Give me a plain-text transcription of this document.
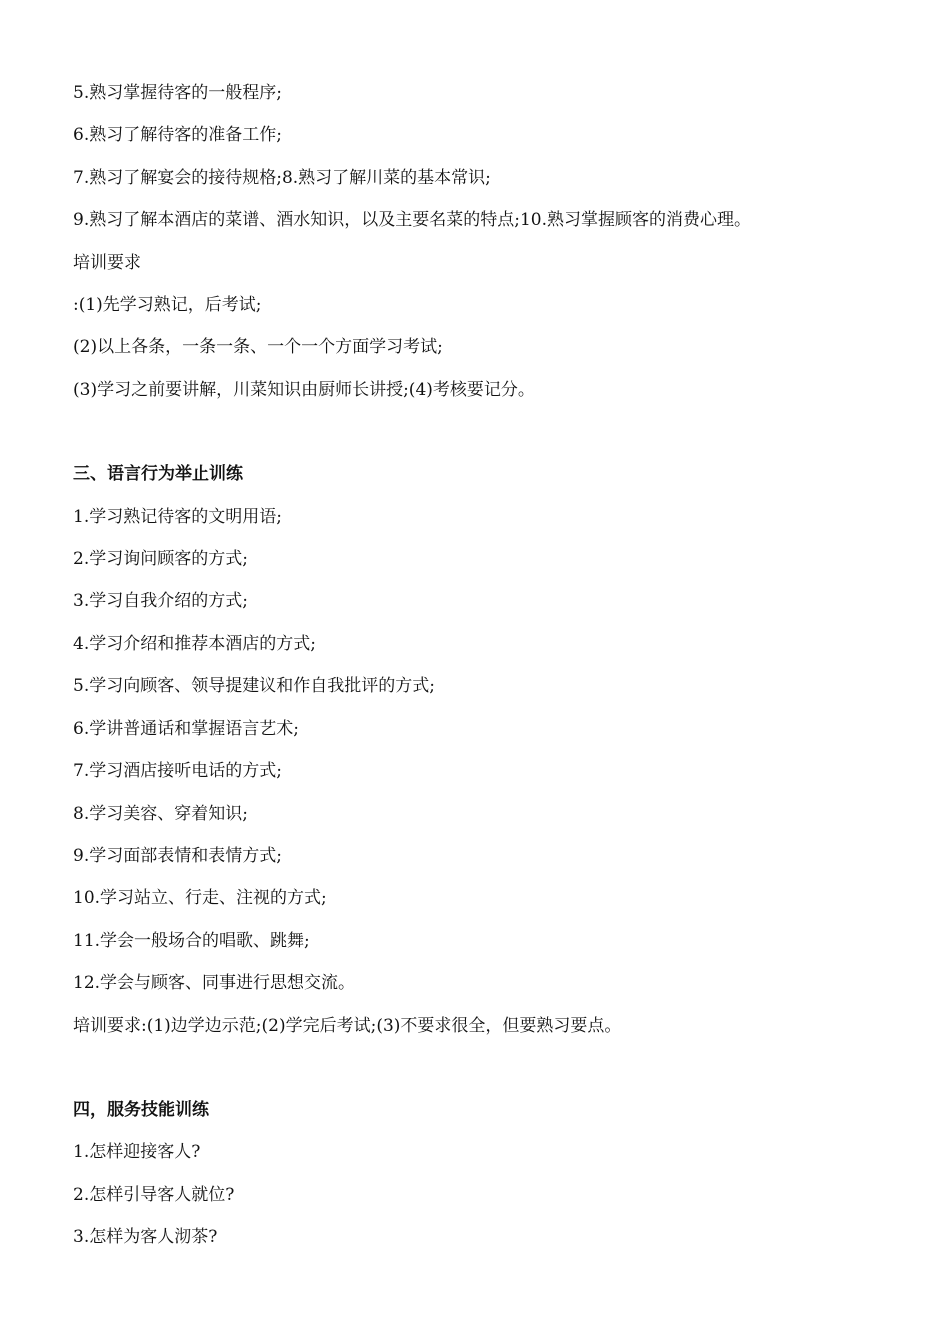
5.熟习掌握待客的一般程序;
6.熟习了解待客的准备工作;
7.熟习了解宴会的接待规格;8.熟习了解川菜的基本常识;
9.熟习了解本酒店的菜谱、酒水知识，以及主要名菜的特点;10.熟习掌握顾客的消费心理。
培训要求
:(1)先学习熟记，后考试;
(2)以上各条，一条一条、一个一个方面学习考试;
(3)学习之前要讲解，川菜知识由厨师长讲授;(4)考核要记分。
三、语言行为举止训练
1.学习熟记待客的文明用语;
2.学习询问顾客的方式;
3.学习自我介绍的方式;
4.学习介绍和推荐本酒店的方式;
5.学习向顾客、领导提建议和作自我批评的方式;
6.学讲普通话和掌握语言艺术;
7.学习酒店接听电话的方式;
8.学习美容、穿着知识;
9.学习面部表情和表情方式;
10.学习站立、行走、注视的方式;
11.学会一般场合的唱歌、跳舞;
12.学会与顾客、同事进行思想交流。
培训要求:(1)边学边示范;(2)学完后考试;(3)不要求很全，但要熟习要点。
四，服务技能训练
1.怎样迎接客人?
2.怎样引导客人就位?
3.怎样为客人沏茶?
